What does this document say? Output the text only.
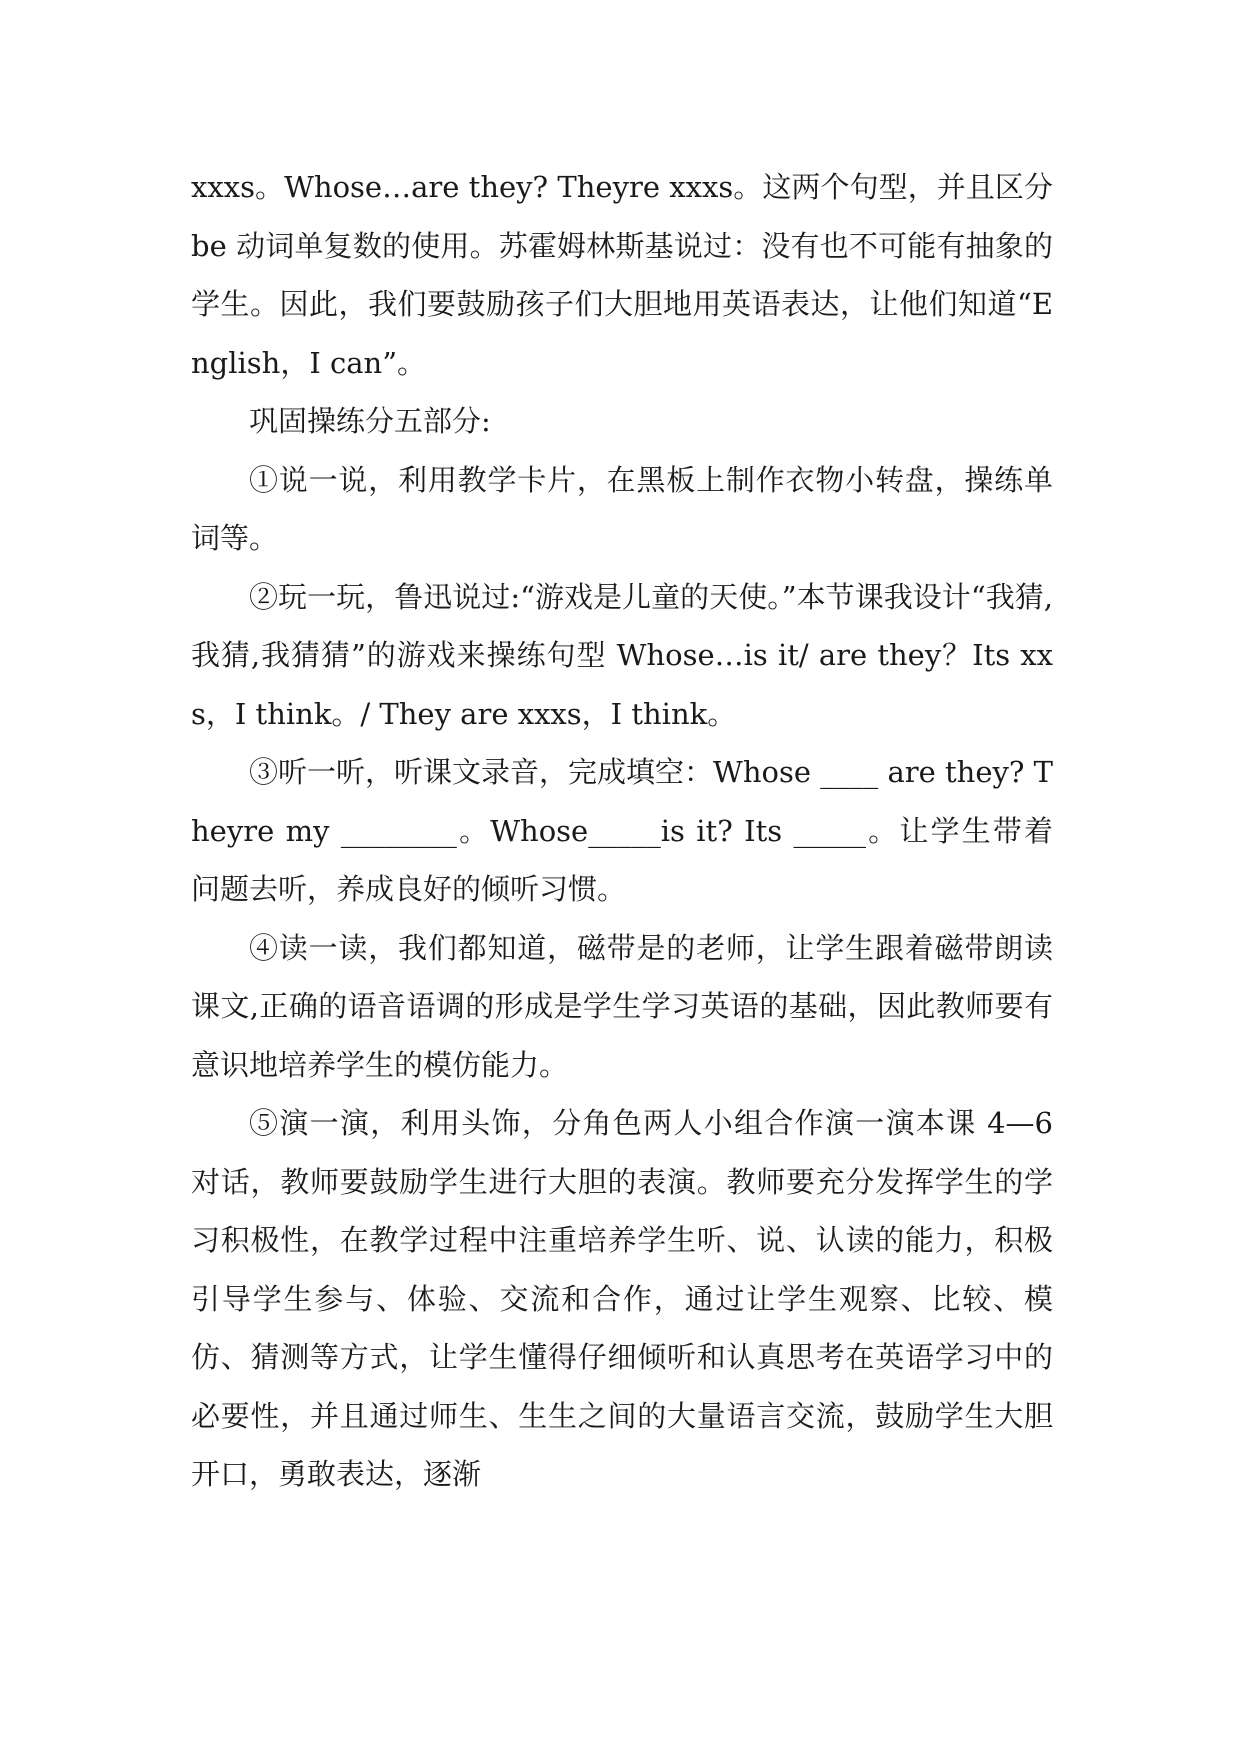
xxxs。Whose…are they? Theyre xxxs。这两个句型，并且区分 be 动词单复数的使用。苏霍姆林斯基说过：没有也不可能有抽象的学生。因此，我们要鼓励孩子们大胆地用英语表达，让他们知道“English，I can”。

巩固操练分五部分:

①说一说，利用教学卡片，在黑板上制作衣物小转盘，操练单词等。

②玩一玩，鲁迅说过:“游戏是儿童的天使。”本节课我设计“我猜,我猜,我猜猜”的游戏来操练句型 Whose…is it/ are they？Its xxs，I think。/ They are xxxs，I think。

③听一听，听课文录音，完成填空：Whose ____ are they? Theyre my ________。Whose_____is it? Its _____。让学生带着问题去听，养成良好的倾听习惯。

④读一读，我们都知道，磁带是的老师，让学生跟着磁带朗读课文,正确的语音语调的形成是学生学习英语的基础，因此教师要有意识地培养学生的模仿能力。

⑤演一演，利用头饰，分角色两人小组合作演一演本课 4—6 对话，教师要鼓励学生进行大胆的表演。教师要充分发挥学生的学习积极性，在教学过程中注重培养学生听、说、认读的能力，积极引导学生参与、体验、交流和合作，通过让学生观察、比较、模仿、猜测等方式，让学生懂得仔细倾听和认真思考在英语学习中的必要性，并且通过师生、生生之间的大量语言交流，鼓励学生大胆开口，勇敢表达，逐渐
